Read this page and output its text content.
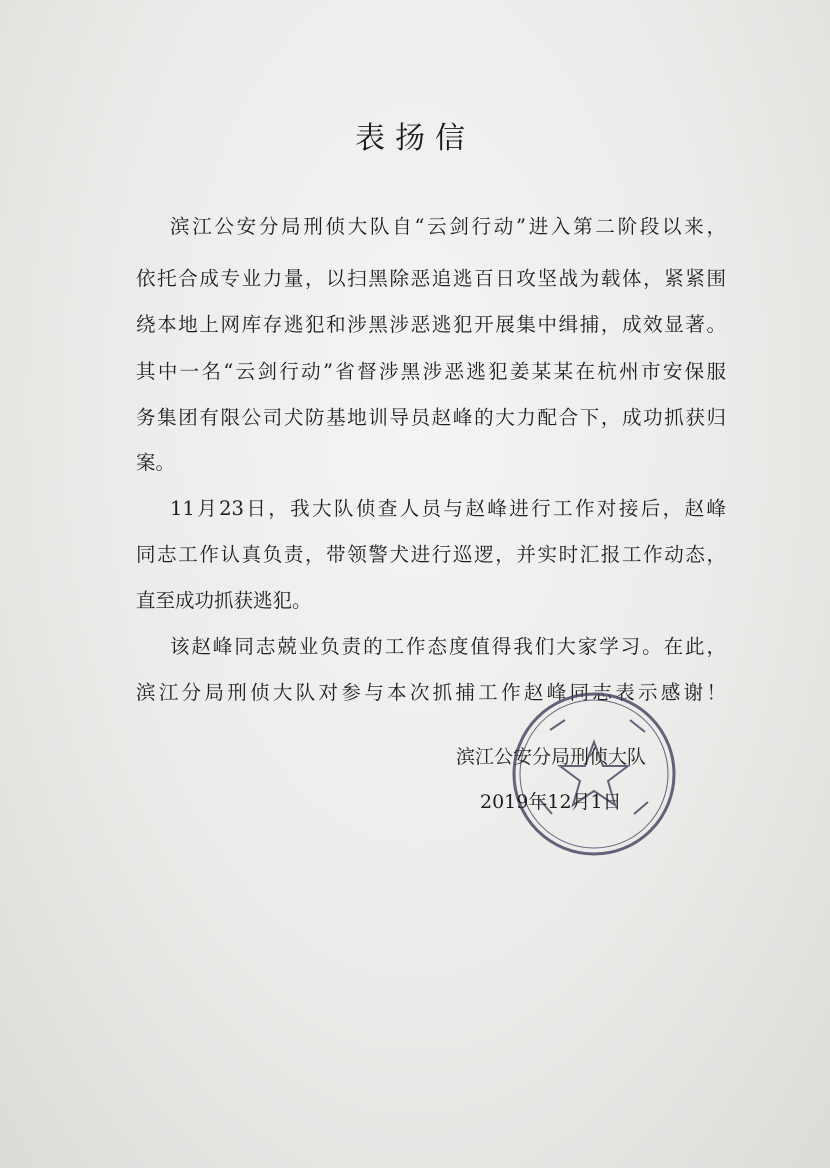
表扬信
滨江公安分局刑侦大队自“云剑行动”进入第二阶段以来，
依托合成专业力量，以扫黑除恶追逃百日攻坚战为载体，紧紧围
绕本地上网库存逃犯和涉黑涉恶逃犯开展集中缉捕，成效显著。
其中一名“云剑行动”省督涉黑涉恶逃犯姜某某在杭州市安保服
务集团有限公司犬防基地训导员赵峰的大力配合下，成功抓获归
案。
11月23日，我大队侦查人员与赵峰进行工作对接后，赵峰
同志工作认真负责，带领警犬进行巡逻，并实时汇报工作动态，
直至成功抓获逃犯。
该赵峰同志兢业负责的工作态度值得我们大家学习。在此，
滨江分局刑侦大队对参与本次抓捕工作赵峰同志表示感谢！
滨江公安分局刑侦大队
2019年12月1日
